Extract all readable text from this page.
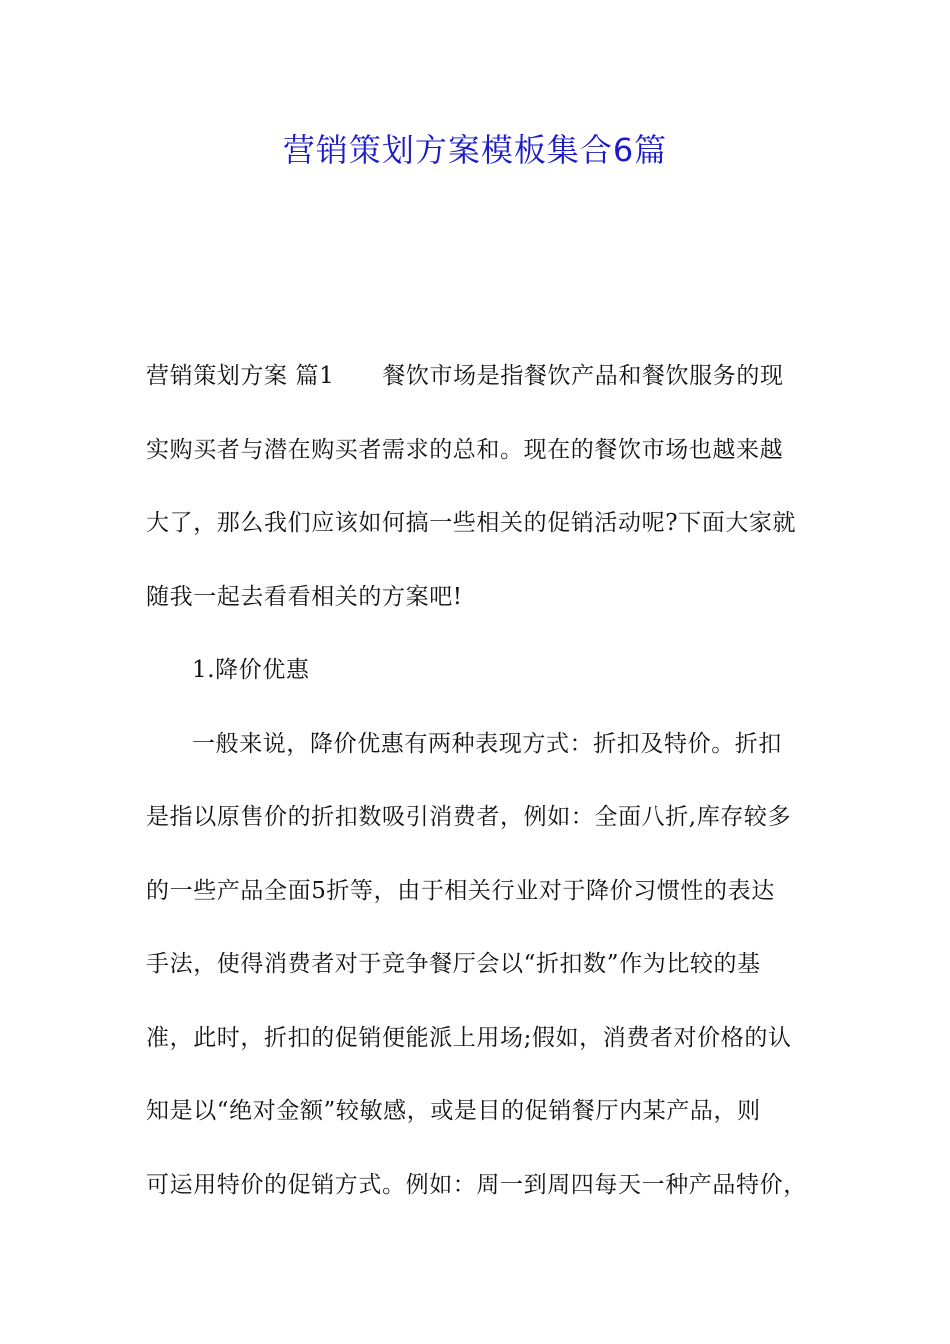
营销策划方案模板集合6篇
营销策划方案 篇1 餐饮市场是指餐饮产品和餐饮服务的现
实购买者与潜在购买者需求的总和。现在的餐饮市场也越来越
大了，那么我们应该如何搞一些相关的促销活动呢?下面大家就
随我一起去看看相关的方案吧!
1.降价优惠
一般来说，降价优惠有两种表现方式：折扣及特价。折扣
是指以原售价的折扣数吸引消费者，例如：全面八折,库存较多
的一些产品全面5折等，由于相关行业对于降价习惯性的表达
手法，使得消费者对于竞争餐厅会以“折扣数”作为比较的基
准，此时，折扣的促销便能派上用场;假如，消费者对价格的认
知是以“绝对金额”较敏感，或是目的促销餐厅内某产品，则
可运用特价的促销方式。例如：周一到周四每天一种产品特价，
